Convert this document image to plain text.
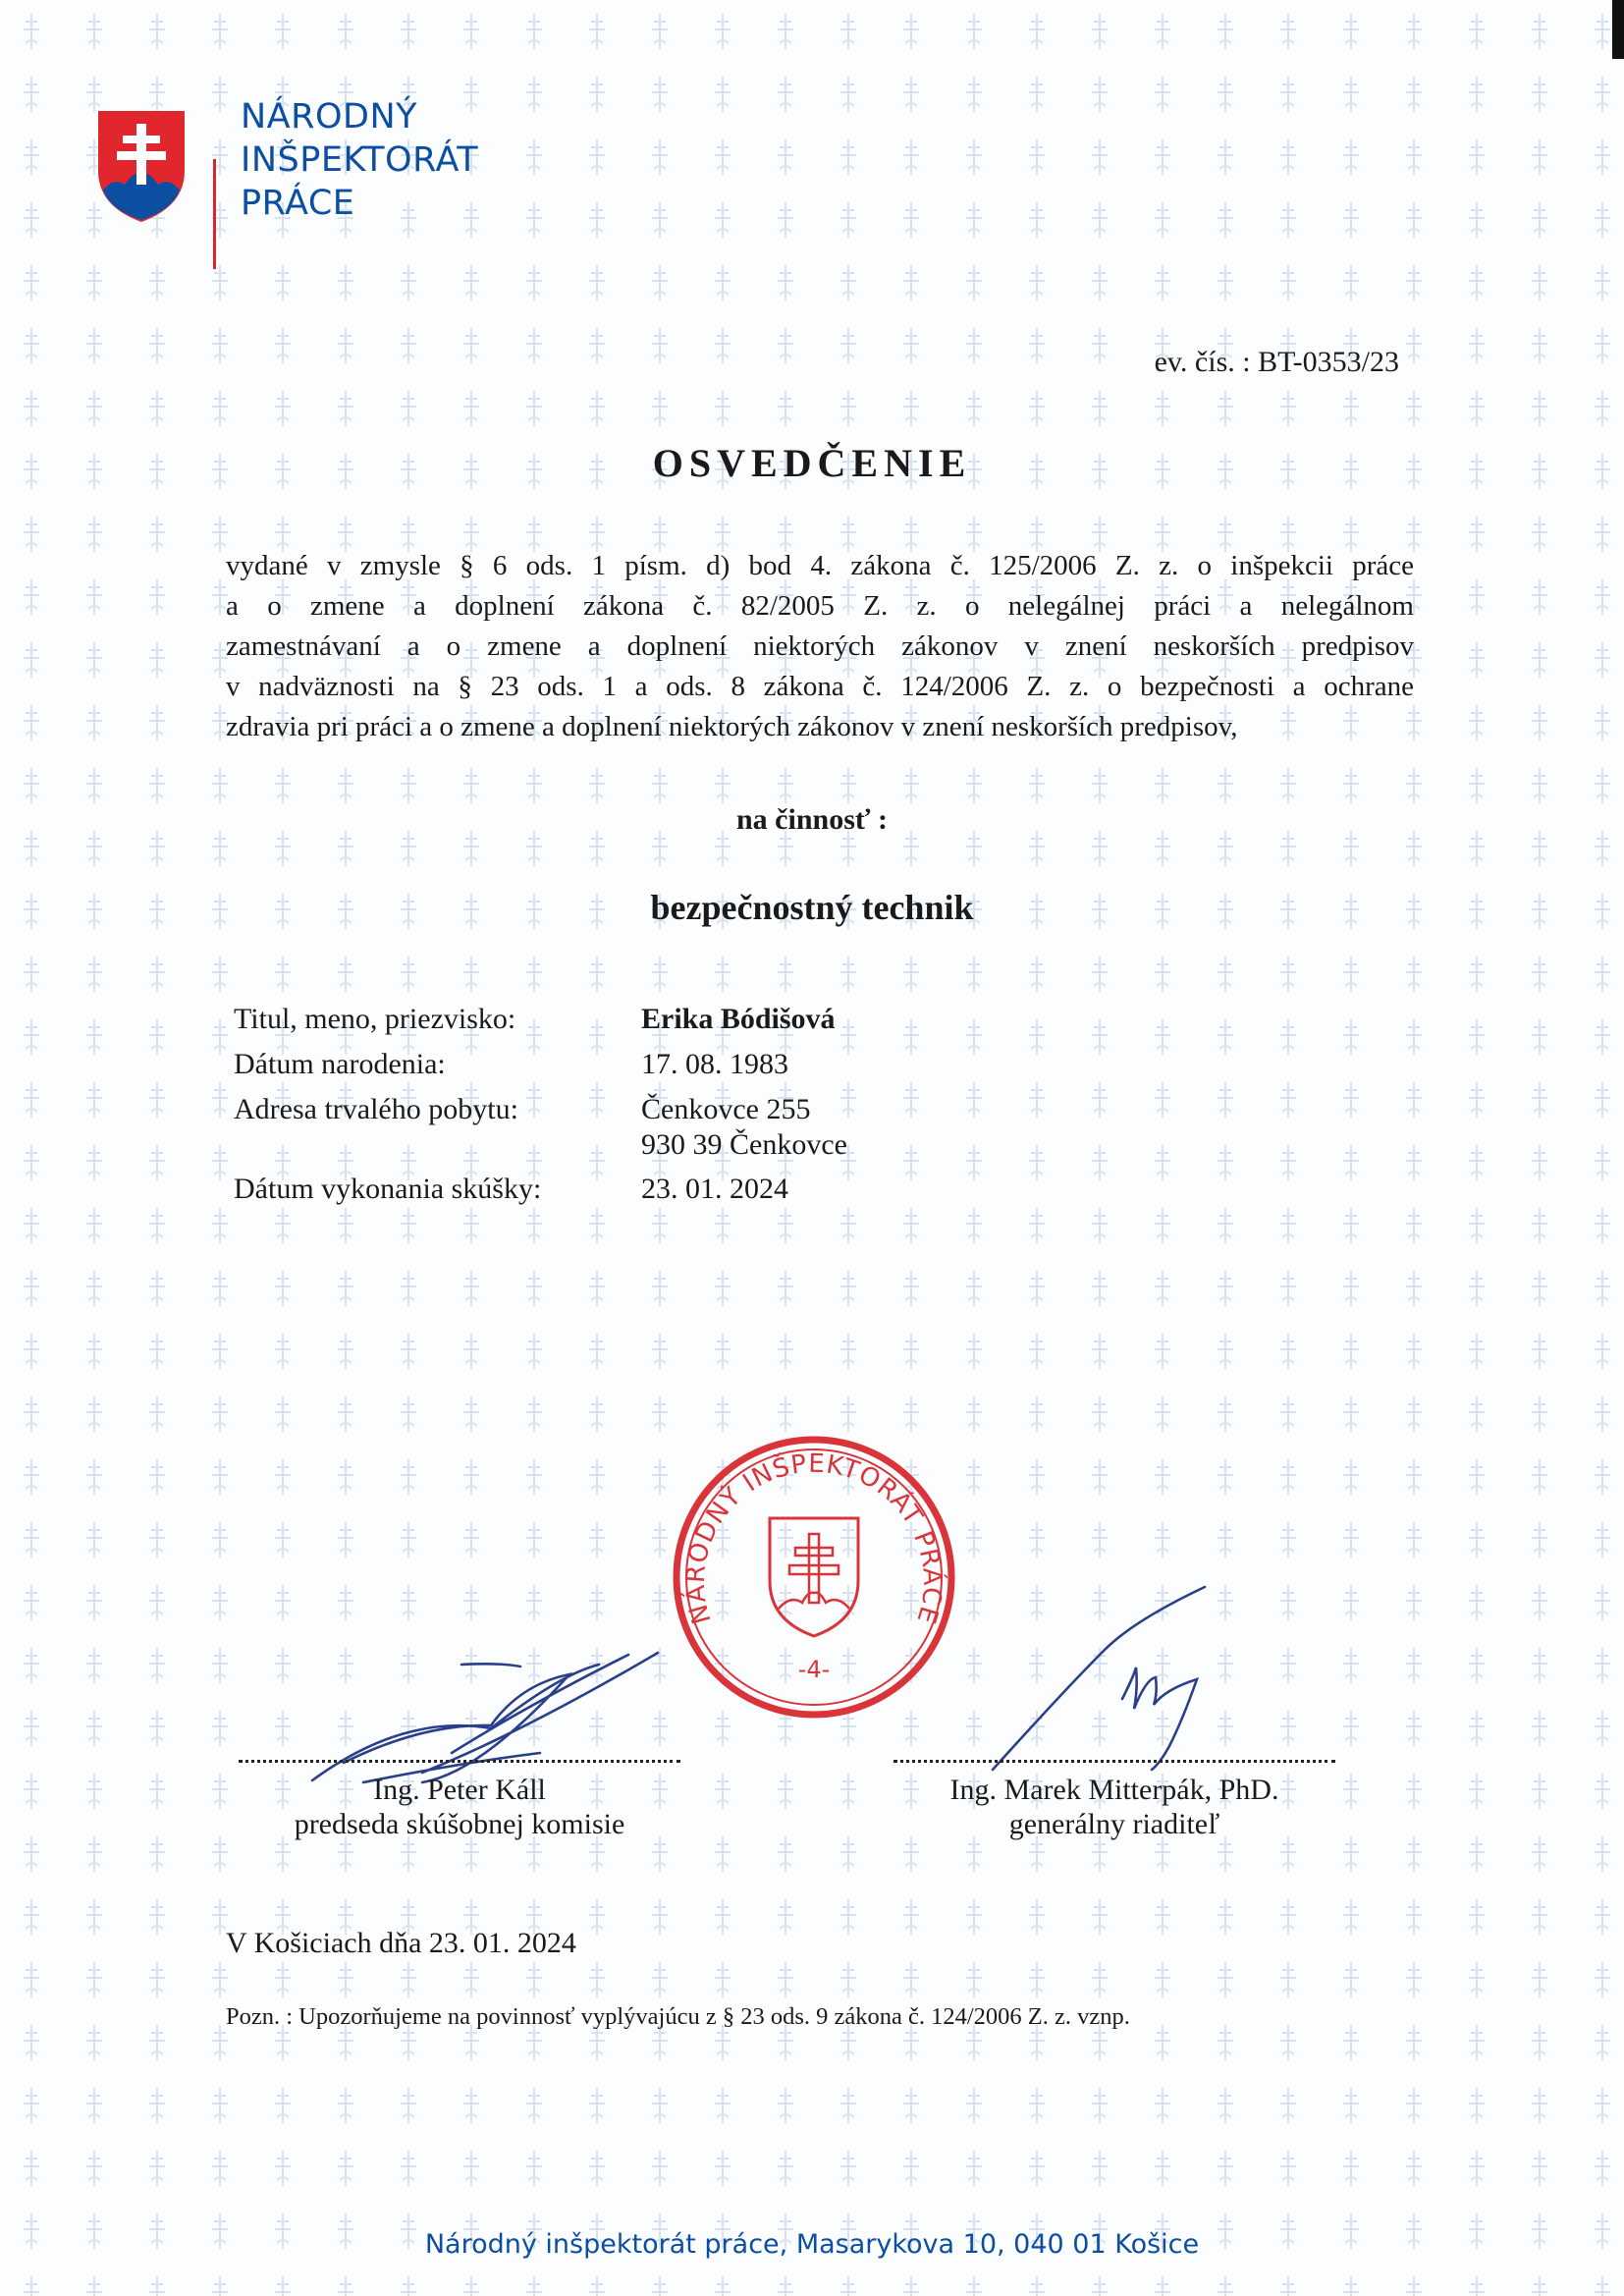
NÁRODNÝ
INŠPEKTORÁT
PRÁCE
ev. čís. : BT-0353/23
OSVEDČENIE
vydané v zmysle § 6 ods. 1 písm. d) bod 4. zákona č. 125/2006 Z. z. o inšpekcii práce
a o zmene a doplnení zákona č. 82/2005 Z. z. o nelegálnej práci a nelegálnom
zamestnávaní a o zmene a doplnení niektorých zákonov v znení neskorších predpisov
v nadväznosti na § 23 ods. 1 a ods. 8 zákona č. 124/2006 Z. z. o bezpečnosti a ochrane
zdravia pri práci a o zmene a doplnení niektorých zákonov v znení neskorších predpisov,
na činnosť :
bezpečnostný technik
Titul, meno, priezvisko:	Erika Bódišová
Dátum narodenia:	17. 08. 1983
Adresa trvalého pobytu:	Čenkovce 255
930 39 Čenkovce
Dátum vykonania skúšky:	23. 01. 2024
NÁRODNÝ INŠPEKTORÁT PRÁCE
-4-
Ing. Peter Káll
predseda skúšobnej komisie
Ing. Marek Mitterpák, PhD.
generálny riaditeľ
V Košiciach dňa 23. 01. 2024
Pozn. : Upozorňujeme na povinnosť vyplývajúcu z § 23 ods. 9 zákona č. 124/2006 Z. z. vznp.
Národný inšpektorát práce, Masarykova 10, 040 01 Košice
